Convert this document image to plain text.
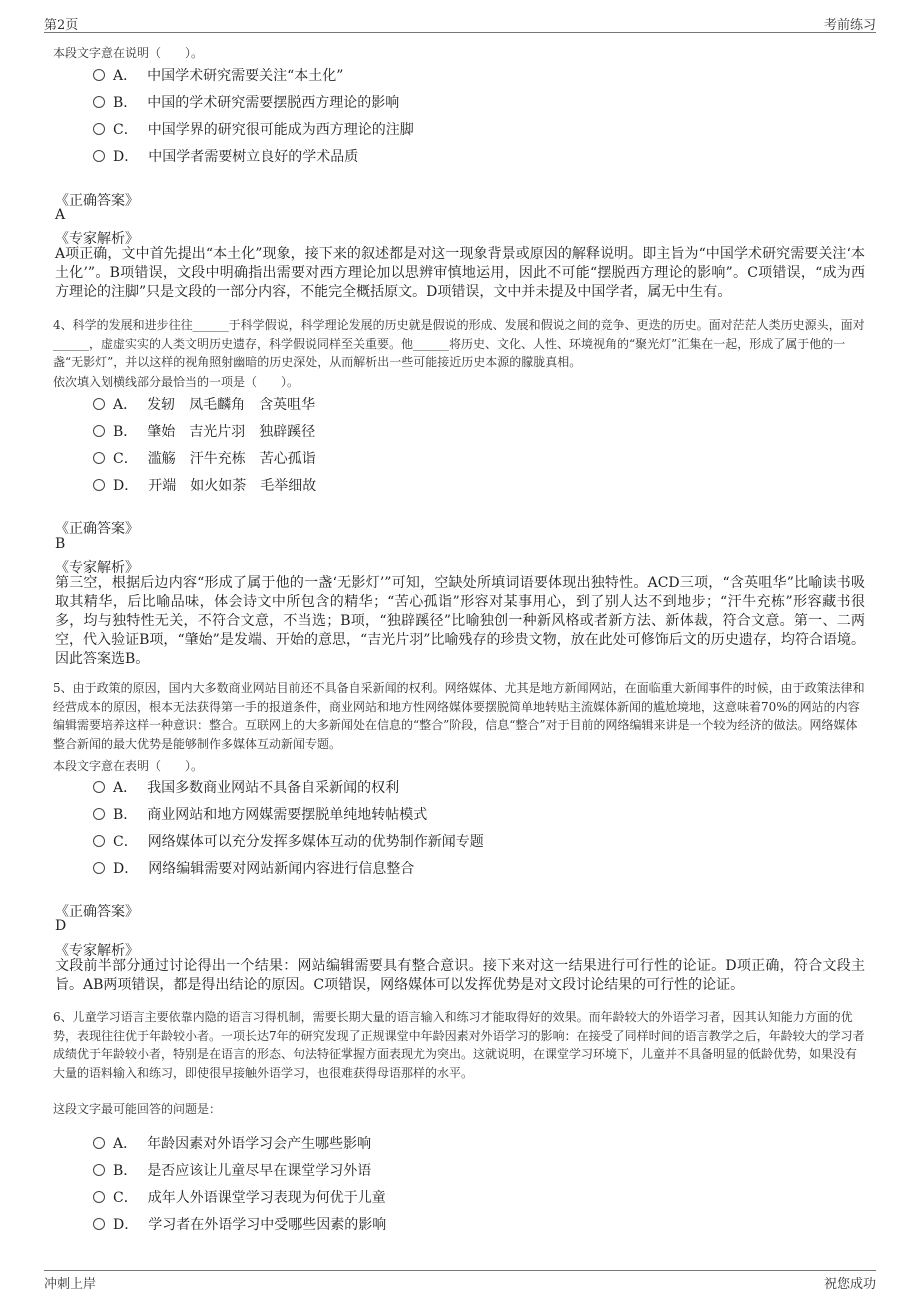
第2页	考前练习
本段文字意在说明（　　）。
A． 中国学术研究需要关注“本土化”
B． 中国的学术研究需要摆脱西方理论的影响
C． 中国学界的研究很可能成为西方理论的注脚
D． 中国学者需要树立良好的学术品质
《正确答案》
A
《专家解析》
A项正确，文中首先提出“本土化”现象，接下来的叙述都是对这一现象背景或原因的解释说明。即主旨为“中国学术研究需要关注‘本土化’”。B项错误，文段中明确指出需要对西方理论加以思辨审慎地运用，因此不可能“摆脱西方理论的影响”。C项错误，“成为西方理论的注脚”只是文段的一部分内容，不能完全概括原文。D项错误，文中并未提及中国学者，属无中生有。
4、科学的发展和进步往往______于科学假说，科学理论发展的历史就是假说的形成、发展和假说之间的竞争、更迭的历史。面对茫茫人类历史源头，面对______，虚虚实实的人类文明历史遗存，科学假说同样至关重要。他______将历史、文化、人性、环境视角的“聚光灯”汇集在一起，形成了属于他的一盏“无影灯”，并以这样的视角照射幽暗的历史深处，从而解析出一些可能接近历史本源的朦胧真相。
依次填入划横线部分最恰当的一项是（　　）。
A． 发轫　凤毛麟角　含英咀华
B． 肇始　吉光片羽　独辟蹊径
C． 滥觞　汗牛充栋　苦心孤诣
D． 开端　如火如荼　毛举细故
《正确答案》
B
《专家解析》
第三空，根据后边内容“形成了属于他的一盏‘无影灯’”可知，空缺处所填词语要体现出独特性。ACD三项，“含英咀华”比喻读书吸取其精华，后比喻品味，体会诗文中所包含的精华；“苦心孤诣”形容对某事用心，到了别人达不到地步；“汗牛充栋”形容藏书很多，均与独特性无关，不符合文意，不当选；B项，“独辟蹊径”比喻独创一种新风格或者新方法、新体裁，符合文意。第一、二两空，代入验证B项，“肇始”是发端、开始的意思，“吉光片羽”比喻残存的珍贵文物，放在此处可修饰后文的历史遗存，均符合语境。因此答案选B。
5、由于政策的原因，国内大多数商业网站目前还不具备自采新闻的权利。网络媒体、尤其是地方新闻网站，在面临重大新闻事件的时候，由于政策法律和经营成本的原因，根本无法获得第一手的报道条件，商业网站和地方性网络媒体要摆脱简单地转贴主流媒体新闻的尴尬境地，这意味着70%的网站的内容编辑需要培养这样一种意识：整合。互联网上的大多新闻处在信息的“整合”阶段，信息“整合”对于目前的网络编辑来讲是一个较为经济的做法。网络媒体整合新闻的最大优势是能够制作多媒体互动新闻专题。
本段文字意在表明（　　）。
A． 我国多数商业网站不具备自采新闻的权利
B． 商业网站和地方网媒需要摆脱单纯地转帖模式
C． 网络媒体可以充分发挥多媒体互动的优势制作新闻专题
D． 网络编辑需要对网站新闻内容进行信息整合
《正确答案》
D
《专家解析》
文段前半部分通过讨论得出一个结果：网站编辑需要具有整合意识。接下来对这一结果进行可行性的论证。D项正确，符合文段主旨。AB两项错误，都是得出结论的原因。C项错误，网络媒体可以发挥优势是对文段讨论结果的可行性的论证。
6、儿童学习语言主要依靠内隐的语言习得机制，需要长期大量的语言输入和练习才能取得好的效果。而年龄较大的外语学习者，因其认知能力方面的优势，表现往往优于年龄较小者。一项长达7年的研究发现了正规课堂中年龄因素对外语学习的影响：在接受了同样时间的语言教学之后，年龄较大的学习者成绩优于年龄较小者，特别是在语言的形态、句法特征掌握方面表现尤为突出。这就说明，在课堂学习环境下，儿童并不具备明显的低龄优势，如果没有大量的语料输入和练习，即使很早接触外语学习，也很难获得母语那样的水平。
这段文字最可能回答的问题是：
A． 年龄因素对外语学习会产生哪些影响
B． 是否应该让儿童尽早在课堂学习外语
C． 成年人外语课堂学习表现为何优于儿童
D． 学习者在外语学习中受哪些因素的影响
冲刺上岸	祝您成功
